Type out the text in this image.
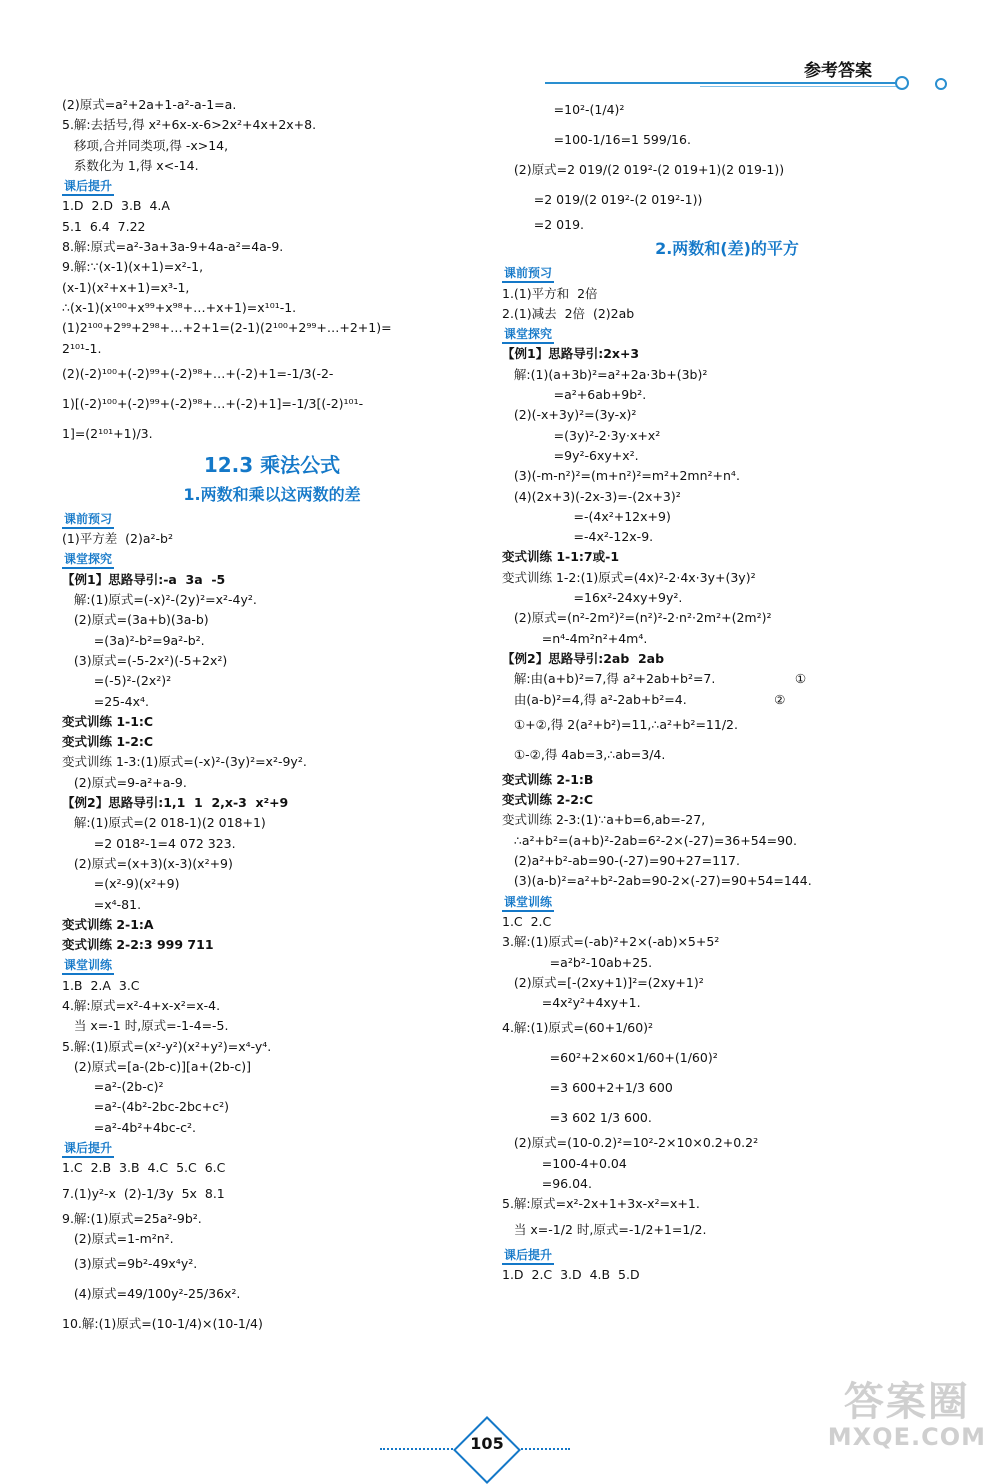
参考答案
(2)原式=a²+2a+1-a²-a-1=a.
5.解:去括号,得 x²+6x-x-6>2x²+4x+2x+8.
移项,合并同类项,得 -x>14,
系数化为 1,得 x<-14.
课后提升
1.D  2.D  3.B  4.A
5.1  6.4  7.22
8.解:原式=a²-3a+3a-9+4a-a²=4a-9.
9.解:∵(x-1)(x+1)=x²-1,
(x-1)(x²+x+1)=x³-1,
∴(x-1)(x¹⁰⁰+x⁹⁹+x⁹⁸+…+x+1)=x¹⁰¹-1.
(1)2¹⁰⁰+2⁹⁹+2⁹⁸+…+2+1=(2-1)(2¹⁰⁰+2⁹⁹+…+2+1)=
2¹⁰¹-1.
(2)(-2)¹⁰⁰+(-2)⁹⁹+(-2)⁹⁸+…+(-2)+1=-1/3(-2-
1)[(-2)¹⁰⁰+(-2)⁹⁹+(-2)⁹⁸+…+(-2)+1]=-1/3[(-2)¹⁰¹-
1]=(2¹⁰¹+1)/3.
12.3 乘法公式
1.两数和乘以这两数的差
课前预习
(1)平方差  (2)a²-b²
课堂探究
【例1】思路导引:-a  3a  -5
解:(1)原式=(-x)²-(2y)²=x²-4y².
(2)原式=(3a+b)(3a-b)
=(3a)²-b²=9a²-b².
(3)原式=(-5-2x²)(-5+2x²)
=(-5)²-(2x²)²
=25-4x⁴.
变式训练 1-1:C
变式训练 1-2:C
变式训练 1-3:(1)原式=(-x)²-(3y)²=x²-9y².
(2)原式=9-a²+a-9.
【例2】思路导引:1,1  1  2,x-3  x²+9
解:(1)原式=(2 018-1)(2 018+1)
=2 018²-1=4 072 323.
(2)原式=(x+3)(x-3)(x²+9)
=(x²-9)(x²+9)
=x⁴-81.
变式训练 2-1:A
变式训练 2-2:3 999 711
课堂训练
1.B  2.A  3.C
4.解:原式=x²-4+x-x²=x-4.
当 x=-1 时,原式=-1-4=-5.
5.解:(1)原式=(x²-y²)(x²+y²)=x⁴-y⁴.
(2)原式=[a-(2b-c)][a+(2b-c)]
=a²-(2b-c)²
=a²-(4b²-2bc-2bc+c²)
=a²-4b²+4bc-c².
课后提升
1.C  2.B  3.B  4.C  5.C  6.C
7.(1)y²-x  (2)-1/3y  5x  8.1
9.解:(1)原式=25a²-9b².
(2)原式=1-m²n².
(3)原式=9b²-49x⁴y².
(4)原式=49/100y²-25/36x².
10.解:(1)原式=(10-1/4)×(10-1/4)
=10²-(1/4)²
=100-1/16=1 599/16.
(2)原式=2 019/(2 019²-(2 019+1)(2 019-1))
=2 019/(2 019²-(2 019²-1))
=2 019.
2.两数和(差)的平方
课前预习
1.(1)平方和  2倍
2.(1)减去  2倍  (2)2ab
课堂探究
【例1】思路导引:2x+3
解:(1)(a+3b)²=a²+2a·3b+(3b)²
=a²+6ab+9b².
(2)(-x+3y)²=(3y-x)²
=(3y)²-2·3y·x+x²
=9y²-6xy+x².
(3)(-m-n²)²=(m+n²)²=m²+2mn²+n⁴.
(4)(2x+3)(-2x-3)=-(2x+3)²
=-(4x²+12x+9)
=-4x²-12x-9.
变式训练 1-1:7或-1
变式训练 1-2:(1)原式=(4x)²-2·4x·3y+(3y)²
=16x²-24xy+9y².
(2)原式=(n²-2m²)²=(n²)²-2·n²·2m²+(2m²)²
=n⁴-4m²n²+4m⁴.
【例2】思路导引:2ab  2ab
解:由(a+b)²=7,得 a²+2ab+b²=7.                    ①
由(a-b)²=4,得 a²-2ab+b²=4.                      ②
①+②,得 2(a²+b²)=11,∴a²+b²=11/2.
①-②,得 4ab=3,∴ab=3/4.
变式训练 2-1:B
变式训练 2-2:C
变式训练 2-3:(1)∵a+b=6,ab=-27,
∴a²+b²=(a+b)²-2ab=6²-2×(-27)=36+54=90.
(2)a²+b²-ab=90-(-27)=90+27=117.
(3)(a-b)²=a²+b²-2ab=90-2×(-27)=90+54=144.
课堂训练
1.C  2.C
3.解:(1)原式=(-ab)²+2×(-ab)×5+5²
=a²b²-10ab+25.
(2)原式=[-(2xy+1)]²=(2xy+1)²
=4x²y²+4xy+1.
4.解:(1)原式=(60+1/60)²
=60²+2×60×1/60+(1/60)²
=3 600+2+1/3 600
=3 602 1/3 600.
(2)原式=(10-0.2)²=10²-2×10×0.2+0.2²
=100-4+0.04
=96.04.
5.解:原式=x²-2x+1+3x-x²=x+1.
当 x=-1/2 时,原式=-1/2+1=1/2.
课后提升
1.D  2.C  3.D  4.B  5.D
105
答案圈
MXQE.COM
